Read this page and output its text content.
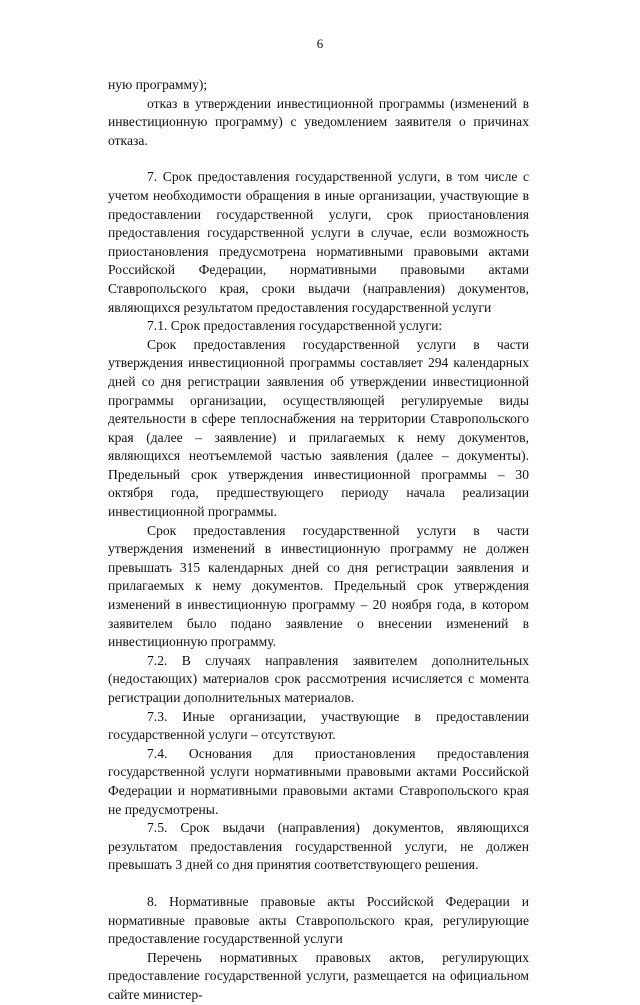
6

ную программу);

отказ в утверждении инвестиционной программы (изменений в инвестиционную программу) с уведомлением заявителя о причинах отказа.

7. Срок предоставления государственной услуги, в том числе с учетом необходимости обращения в иные организации, участвующие в предоставлении государственной услуги, срок приостановления предоставления государственной услуги в случае, если возможность приостановления предусмотрена нормативными правовыми актами Российской Федерации, нормативными правовыми актами Ставропольского края, сроки выдачи (направления) документов, являющихся результатом предоставления государственной услуги

7.1. Срок предоставления государственной услуги:

Срок предоставления государственной услуги в части утверждения инвестиционной программы составляет 294 календарных дней со дня регистрации заявления об утверждении инвестиционной программы организации, осуществляющей регулируемые виды деятельности в сфере теплоснабжения на территории Ставропольского края (далее – заявление) и прилагаемых к нему документов, являющихся неотъемлемой частью заявления (далее – документы). Предельный срок утверждения инвестиционной программы – 30 октября года, предшествующего периоду начала реализации инвестиционной программы.

Срок предоставления государственной услуги в части утверждения изменений в инвестиционную программу не должен превышать 315 календарных дней со дня регистрации заявления и прилагаемых к нему документов. Предельный срок утверждения изменений в инвестиционную программу – 20 ноября года, в котором заявителем было подано заявление о внесении изменений в инвестиционную программу.

7.2. В случаях направления заявителем дополнительных (недостающих) материалов срок рассмотрения исчисляется с момента регистрации дополнительных материалов.

7.3. Иные организации, участвующие в предоставлении государственной услуги – отсутствуют.

7.4. Основания для приостановления предоставления государственной услуги нормативными правовыми актами Российской Федерации и нормативными правовыми актами Ставропольского края не предусмотрены.

7.5. Срок выдачи (направления) документов, являющихся результатом предоставления государственной услуги, не должен превышать 3 дней со дня принятия соответствующего решения.

8. Нормативные правовые акты Российской Федерации и нормативные правовые акты Ставропольского края, регулирующие предоставление государственной услуги

Перечень нормативных правовых актов, регулирующих предоставление государственной услуги, размещается на официальном сайте министер-
